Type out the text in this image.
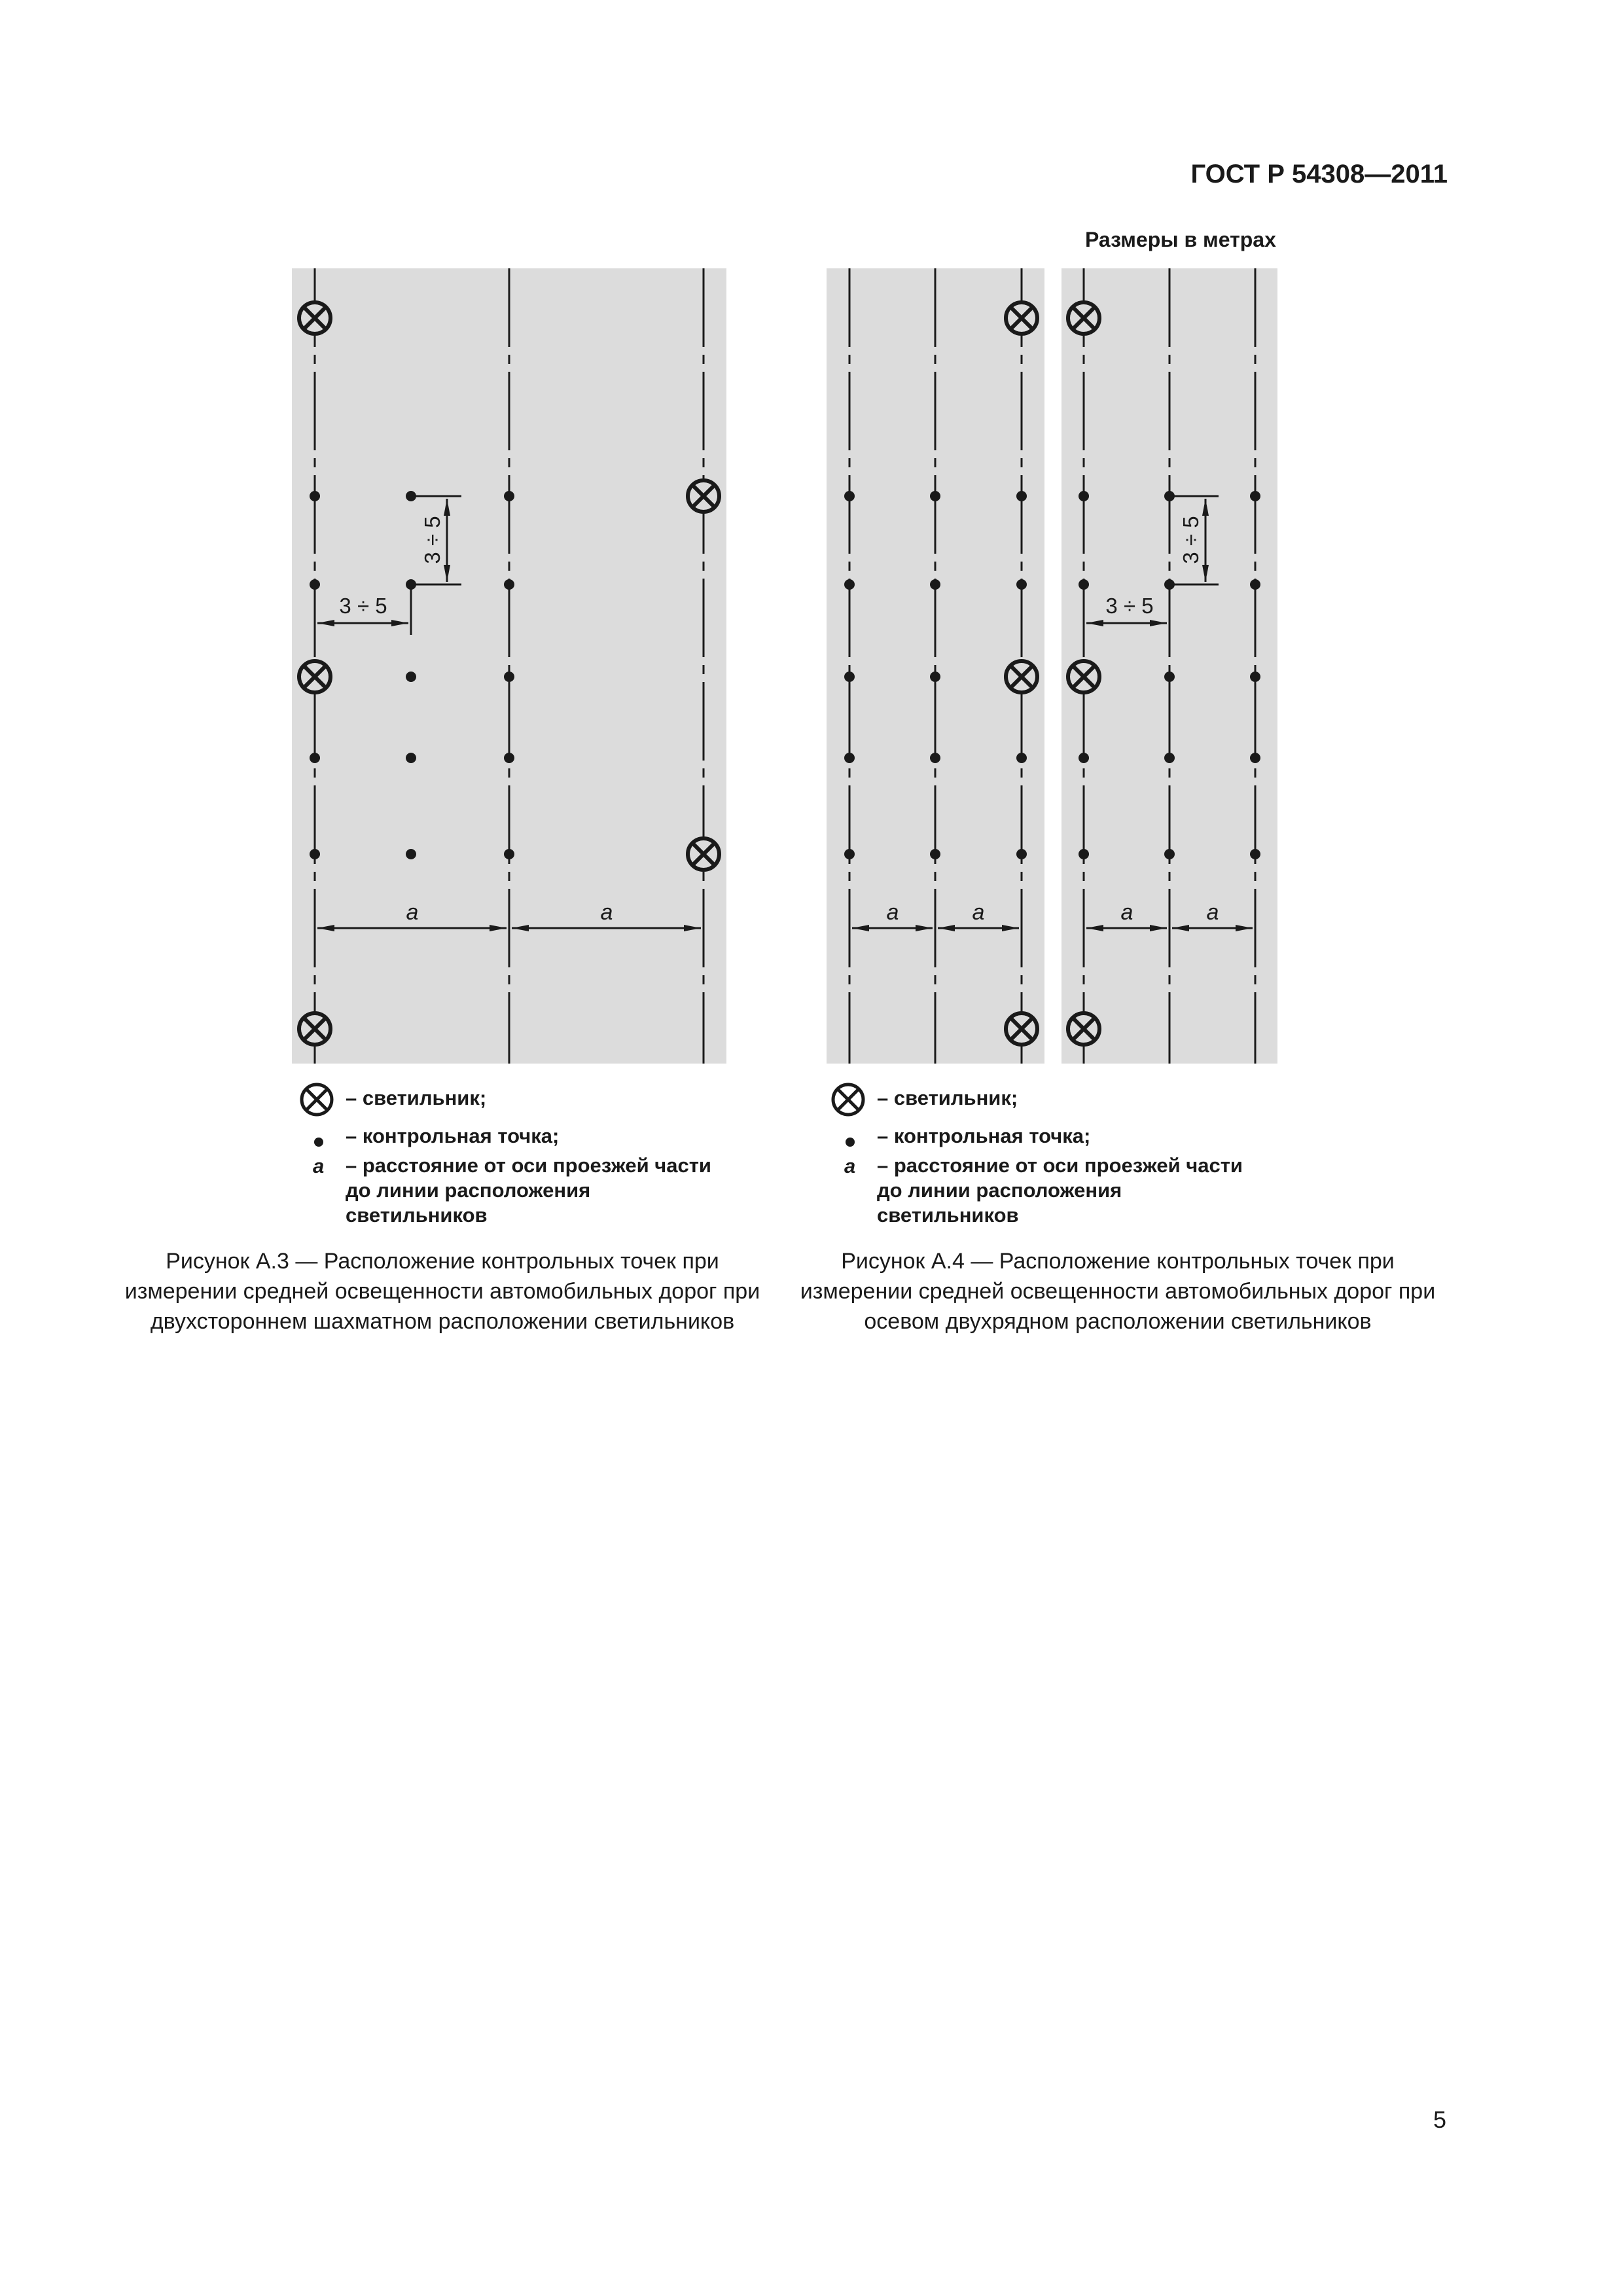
ГОСТ Р 54308—2011
Размеры в метрах
3 ÷ 5
3 ÷ 5
a	a
3 ÷ 5
3 ÷ 5
a	a	a	a
– светильник;
– контрольная точка;
a – расстояние от оси проезжей части до линии расположения светильников
– светильник;
– контрольная точка;
a – расстояние от оси проезжей части до линии расположения светильников
Рисунок А.3 — Расположение контрольных точек при измерении средней освещенности автомобильных дорог при двухстороннем шахматном расположении светильников
Рисунок А.4 — Расположение контрольных точек при измерении средней освещенности автомобильных дорог при осевом двухрядном расположении светильников
5
